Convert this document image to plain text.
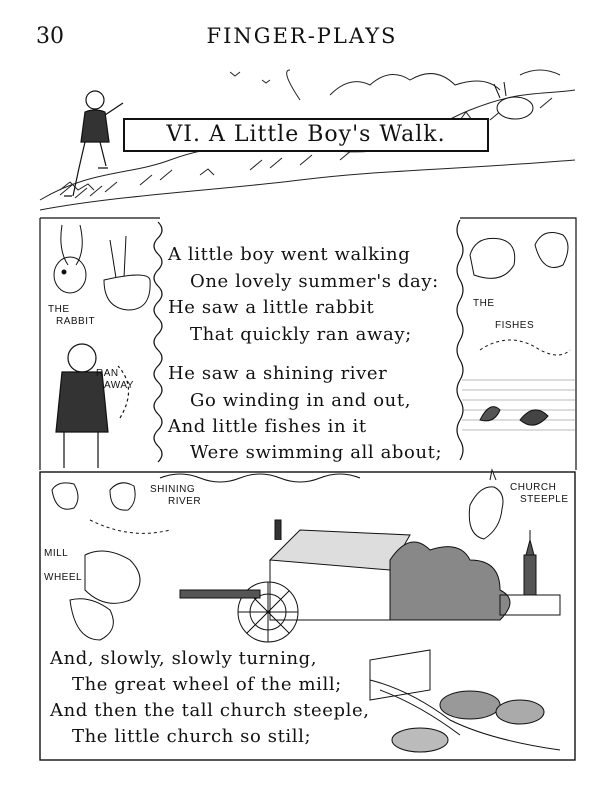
30	FINGER-PLAYS
VI. A Little Boy's Walk.
A little boy went walking
One lovely summer's day:
He saw a little rabbit
That quickly ran away;
He saw a shining river
Go winding in and out,
And little fishes in it
Were swimming all about;
And, slowly, slowly turning,
The great wheel of the mill;
And then the tall church steeple,
The little church so still;
THE
RABBIT
RAN
AWAY
THE
FISHES
SHINING
RIVER
MILL
WHEEL
CHURCH
STEEPLE
